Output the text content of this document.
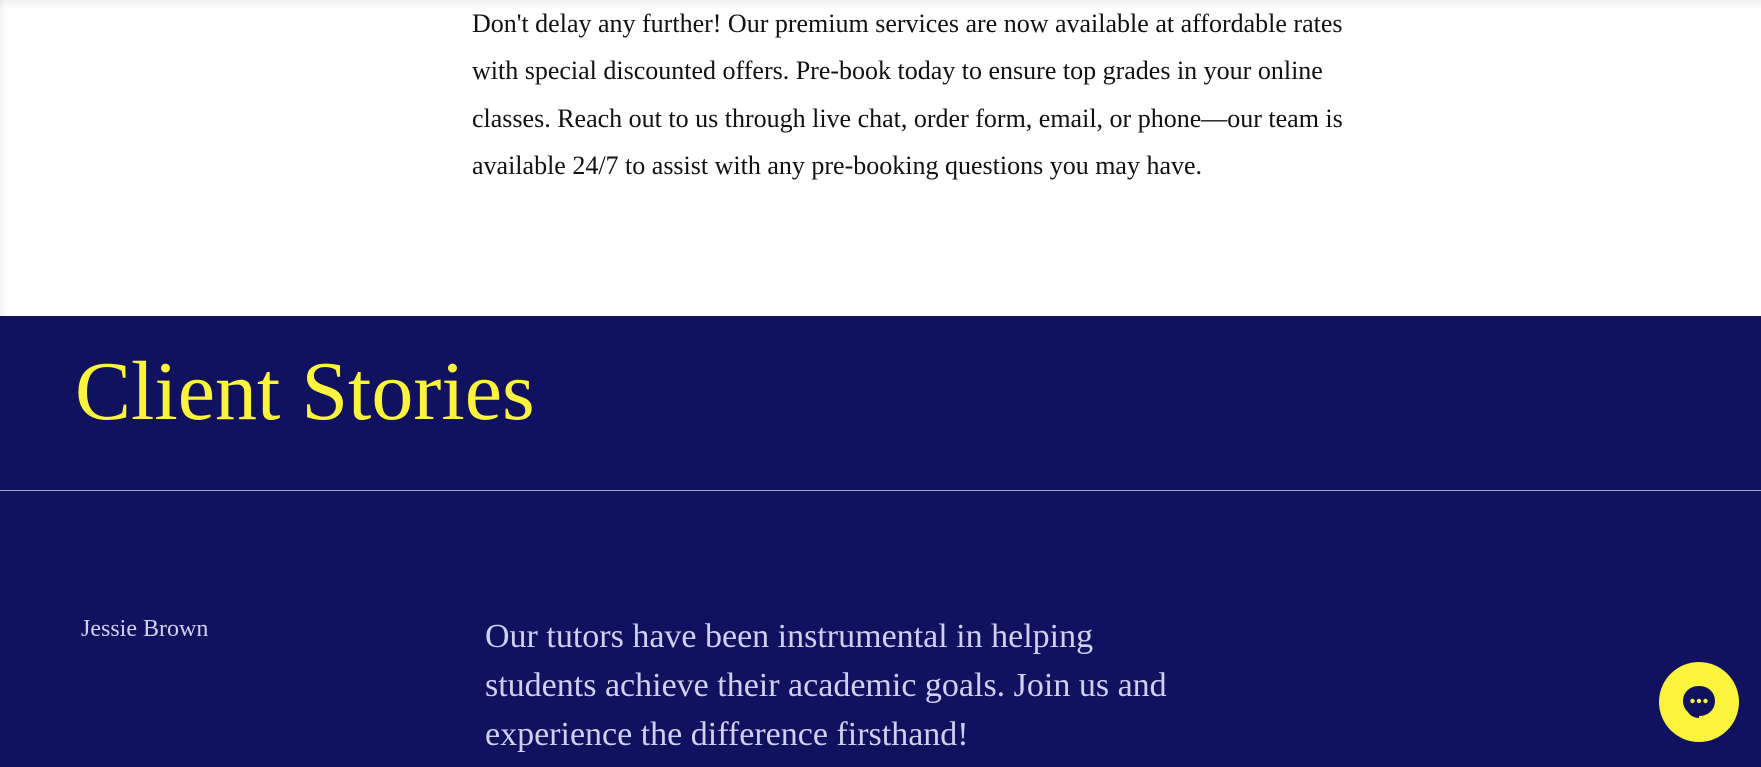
Don't delay any further! Our premium services are now available at affordable rates with special discounted offers. Pre-book today to ensure top grades in your online classes. Reach out to us through live chat, order form, email, or phone—our team is available 24/7 to assist with any pre-booking questions you may have.

Client Stories
Jessie Brown	Our tutors have been instrumental in helping students achieve their academic goals. Join us and experience the difference firsthand!
